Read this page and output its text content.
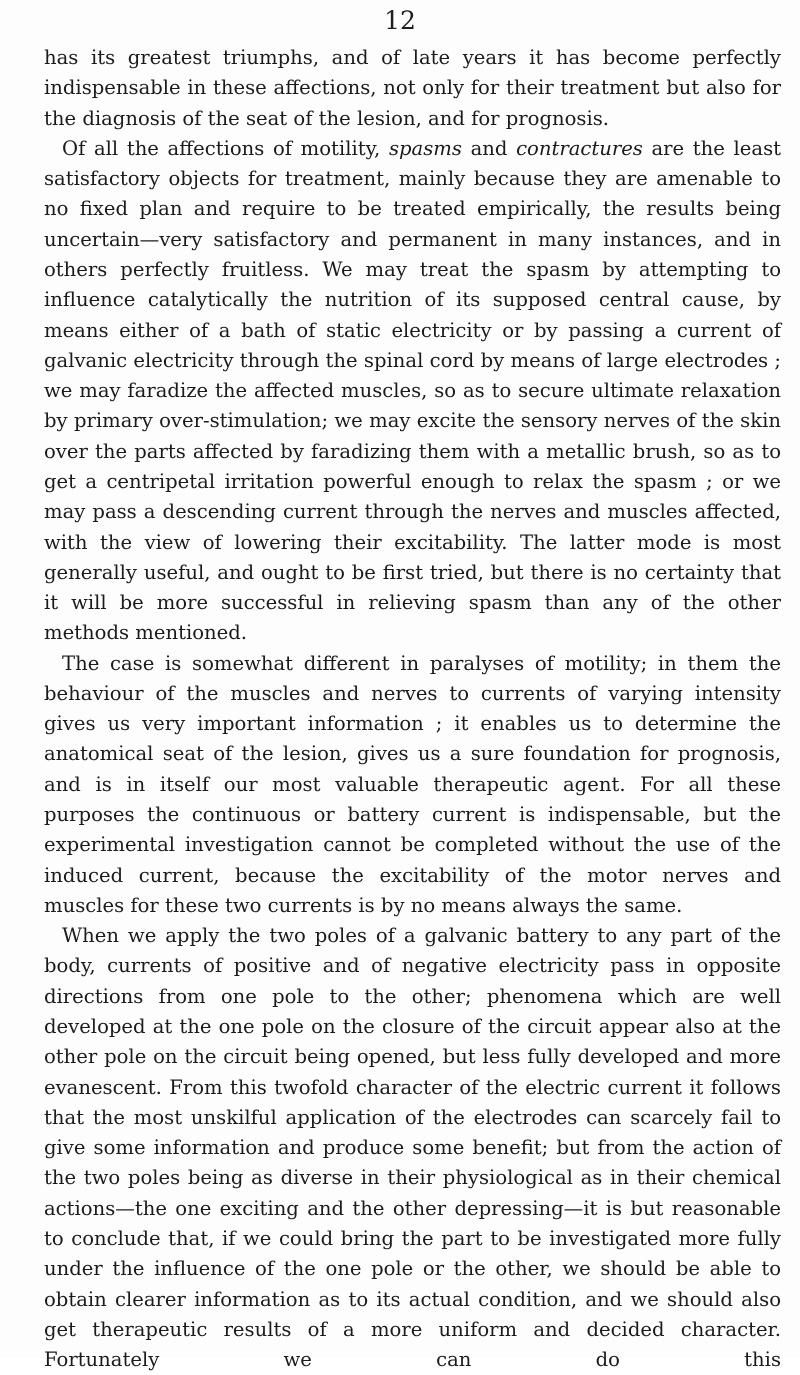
12

has its greatest triumphs, and of late years it has become perfectly indispensable in these affections, not only for their treatment but also for the diagnosis of the seat of the lesion, and for prognosis.

Of all the affections of motility, spasms and contractures are the least satisfactory objects for treatment, mainly because they are amenable to no fixed plan and require to be treated empirically, the results being uncertain—very satisfactory and permanent in many instances, and in others perfectly fruitless. We may treat the spasm by attempting to influence catalytically the nutrition of its supposed central cause, by means either of a bath of static electricity or by passing a current of galvanic electricity through the spinal cord by means of large electrodes ; we may faradize the affected muscles, so as to secure ultimate relaxation by primary over-stimulation; we may excite the sensory nerves of the skin over the parts affected by faradizing them with a metallic brush, so as to get a centripetal irritation powerful enough to relax the spasm ; or we may pass a descending current through the nerves and muscles affected, with the view of lowering their excitability. The latter mode is most generally useful, and ought to be first tried, but there is no certainty that it will be more successful in relieving spasm than any of the other methods mentioned.

The case is somewhat different in paralyses of motility; in them the behaviour of the muscles and nerves to currents of varying intensity gives us very important information ; it enables us to determine the anatomical seat of the lesion, gives us a sure foundation for prognosis, and is in itself our most valuable therapeutic agent. For all these purposes the continuous or battery current is indispensable, but the experimental investigation cannot be completed without the use of the induced current, because the excitability of the motor nerves and muscles for these two currents is by no means always the same.

When we apply the two poles of a galvanic battery to any part of the body, currents of positive and of negative electricity pass in opposite directions from one pole to the other; phenomena which are well developed at the one pole on the closure of the circuit appear also at the other pole on the circuit being opened, but less fully developed and more evanescent. From this twofold character of the electric current it follows that the most unskilful application of the electrodes can scarcely fail to give some information and produce some benefit; but from the action of the two poles being as diverse in their physiological as in their chemical actions—the one exciting and the other depressing—it is but reasonable to conclude that, if we could bring the part to be investigated more fully under the influence of the one pole or the other, we should be able to obtain clearer information as to its actual condition, and we should also get therapeutic results of a more uniform and decided character. Fortunately we can do this
